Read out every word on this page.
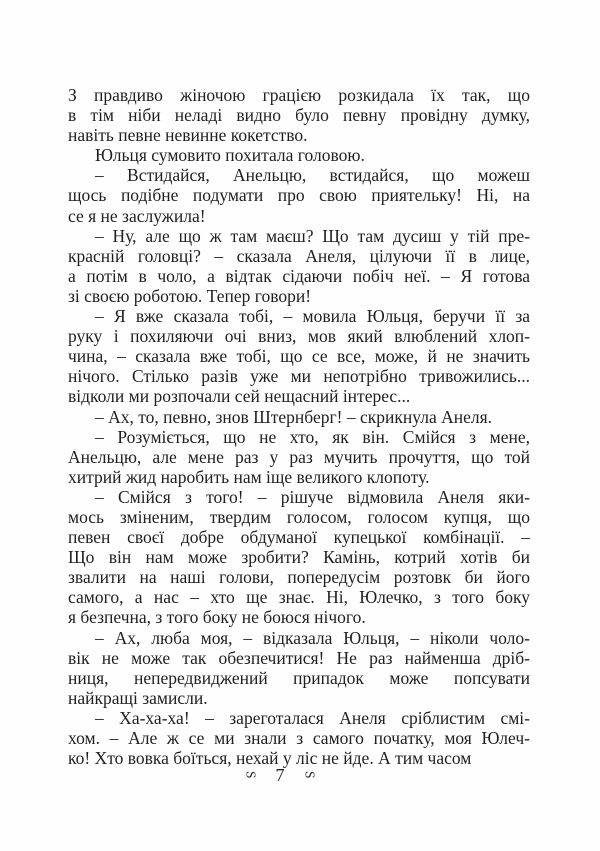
З правдиво жіночою грацією розкидала їх так, що
в тім ніби неладі видно було певну провідну думку,
навіть певне невинне кокетство.
Юльця сумовито похитала головою.
– Встидайся, Анельцю, встидайся, що можеш
щось подібне подумати про свою приятельку! Ні, на
се я не заслужила!
– Ну, але що ж там маєш? Що там дусиш у тій пре-
красній головці? – сказала Анеля, цілуючи її в лице,
а потім в чоло, а відтак сідаючи побіч неї. – Я готова
зі своєю роботою. Тепер говори!
– Я вже сказала тобі, – мовила Юльця, беручи її за
руку і похиляючи очі вниз, мов який влюблений хлоп-
чина, – сказала вже тобі, що се все, може, й не значить
нічого. Стілько разів уже ми непотрібно тривожились...
відколи ми розпочали сей нещасний інтерес...
– Ах, то, певно, знов Штернберг! – скрикнула Анеля.
– Розуміється, що не хто, як він. Смійся з мене,
Анельцю, але мене раз у раз мучить прочуття, що той
хитрий жид наробить нам іще великого клопоту.
– Смійся з того! – рішуче відмовила Анеля яки-
мось зміненим, твердим голосом, голосом купця, що
певен своєї добре обдуманої купецької комбінації. –
Що він нам може зробити? Камінь, котрий хотів би
звалити на наші голови, попередусім розтовк би його
самого, а нас – хто ще знає. Ні, Юлечко, з того боку
я безпечна, з того боку не боюся нічого.
– Ах, люба моя, – відказала Юльця, – ніколи чоло-
вік не може так обезпечитися! Не раз найменша дріб-
ниця, непередвиджений припадок може попсувати
найкращі замисли.
– Ха-ха-ха! – зареготалася Анеля сріблистим смі-
хом. – Але ж се ми знали з самого початку, моя Юлеч-
ко! Хто вовка боїться, нехай у ліс не йде. А тим часом
S 7 S
